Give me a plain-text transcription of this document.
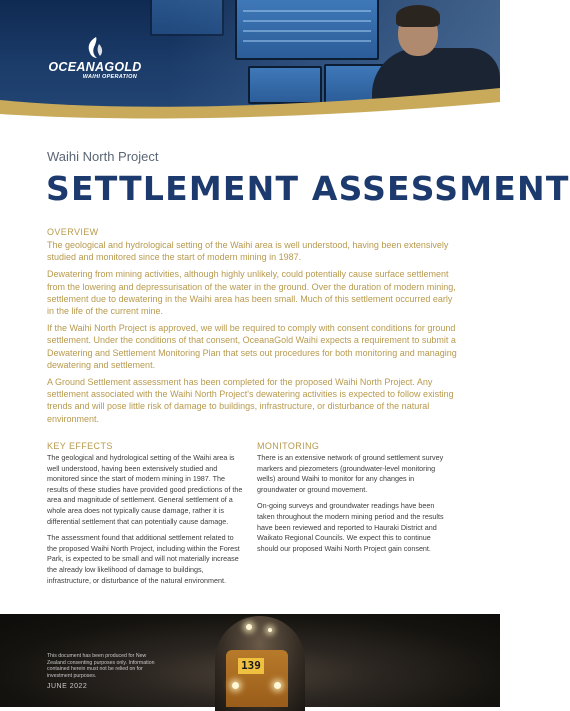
OCEANAGOLD
WAIHI OPERATION
Waihi North Project
SETTLEMENT ASSESSMENT
OVERVIEW

The geological and hydrological setting of the Waihi area is well understood, having been extensively studied and monitored since the start of modern mining in 1987.

Dewatering from mining activities, although highly unlikely, could potentially cause surface settlement from the lowering and depressurisation of the water in the ground. Over the duration of modern mining, settlement due to dewatering in the Waihi area has been small. Much of this settlement occurred early in the life of the current mine.

If the Waihi North Project is approved, we will be required to comply with consent conditions for ground settlement. Under the conditions of that consent, OceanaGold Waihi expects a requirement to submit a Dewatering and Settlement Monitoring Plan that sets out procedures for both monitoring and managing dewatering and settlement.

A Ground Settlement assessment has been completed for the proposed Waihi North Project. Any settlement associated with the Waihi North Project's dewatering activities is expected to follow existing trends and will pose little risk of damage to buildings, infrastructure, or disturbance of the natural environment.

KEY EFFECTS

The geological and hydrological setting of the Waihi area is well understood, having been extensively studied and monitored since the start of modern mining in 1987. The results of these studies have provided good predictions of the area and magnitude of settlement. General settlement of a whole area does not typically cause damage, rather it is differential settlement that can potentially cause damage.

The assessment found that additional settlement related to the proposed Waihi North Project, including within the Forest Park, is expected to be small and will not materially increase the already low likelihood of damage to buildings, infrastructure, or disturbance of the natural environment.

MONITORING

There is an extensive network of ground settlement survey markers and piezometers (groundwater-level monitoring wells) around Waihi to monitor for any changes in groundwater or ground movement.

On-going surveys and groundwater readings have been taken throughout the modern mining period and the results have been reviewed and reported to Hauraki District and Waikato Regional Councils. We expect this to continue should our proposed Waihi North Project gain consent.

139
This document has been produced for New Zealand consenting purposes only. Information contained herein must not be relied on for investment purposes.
JUNE 2022
